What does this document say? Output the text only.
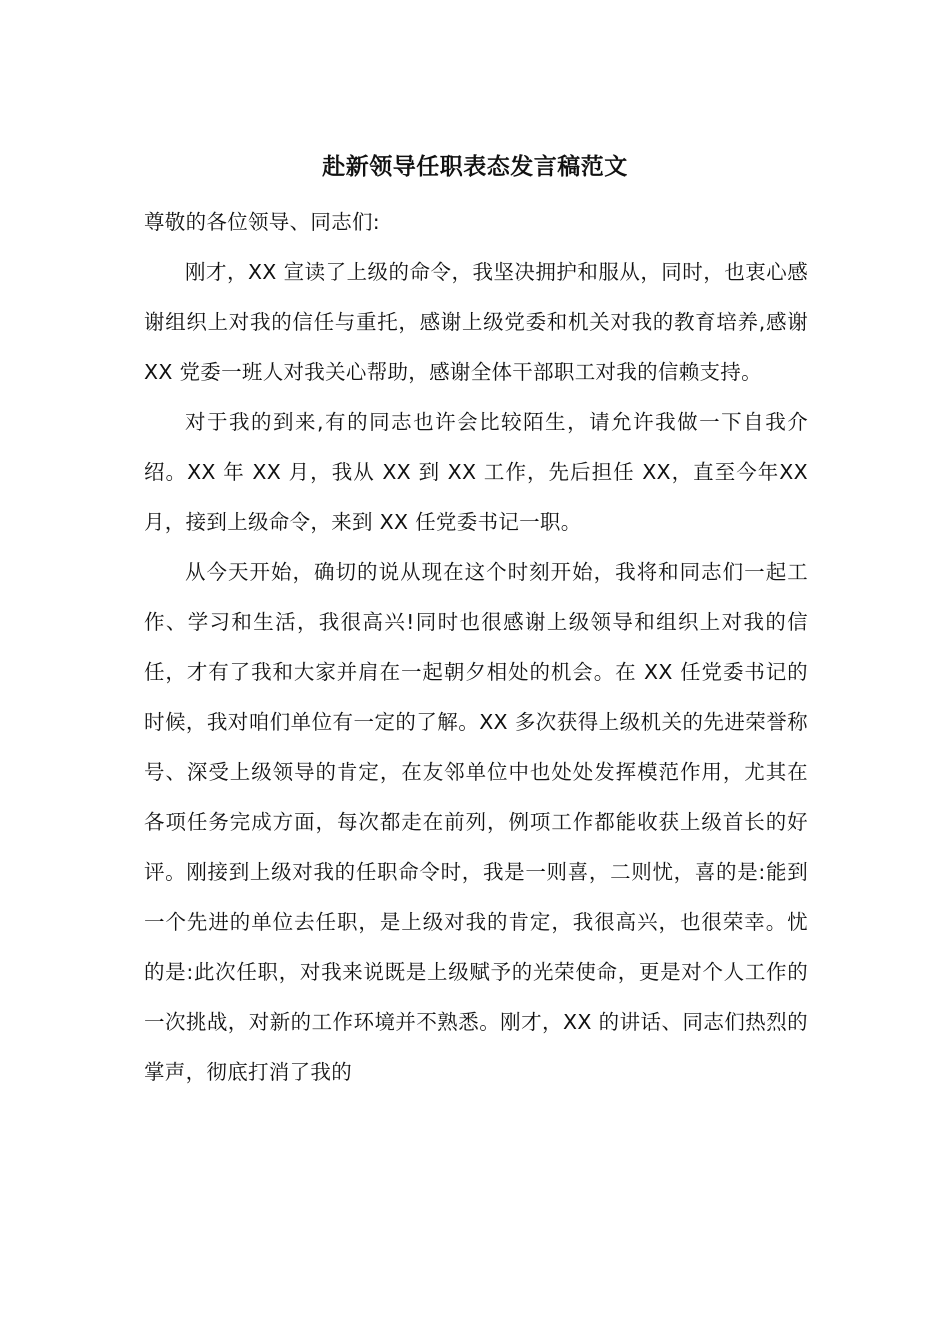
赴新领导任职表态发言稿范文

尊敬的各位领导、同志们:

刚才，XX 宣读了上级的命令，我坚决拥护和服从，同时，也衷心感谢组织上对我的信任与重托，感谢上级党委和机关对我的教育培养,感谢 XX 党委一班人对我关心帮助，感谢全体干部职工对我的信赖支持。

对于我的到来,有的同志也许会比较陌生，请允许我做一下自我介绍。XX 年 XX 月，我从 XX 到 XX 工作，先后担任 XX，直至今年XX 月，接到上级命令，来到 XX 任党委书记一职。

从今天开始，确切的说从现在这个时刻开始，我将和同志们一起工作、学习和生活，我很高兴!同时也很感谢上级领导和组织上对我的信任，才有了我和大家并肩在一起朝夕相处的机会。在 XX 任党委书记的时候，我对咱们单位有一定的了解。XX 多次获得上级机关的先进荣誉称号、深受上级领导的肯定，在友邻单位中也处处发挥模范作用，尤其在各项任务完成方面，每次都走在前列，例项工作都能收获上级首长的好评。刚接到上级对我的任职命令时，我是一则喜，二则忧，喜的是:能到一个先进的单位去任职，是上级对我的肯定，我很高兴，也很荣幸。忧的是:此次任职，对我来说既是上级赋予的光荣使命，更是对个人工作的一次挑战，对新的工作环境并不熟悉。刚才，XX 的讲话、同志们热烈的掌声，彻底打消了我的
